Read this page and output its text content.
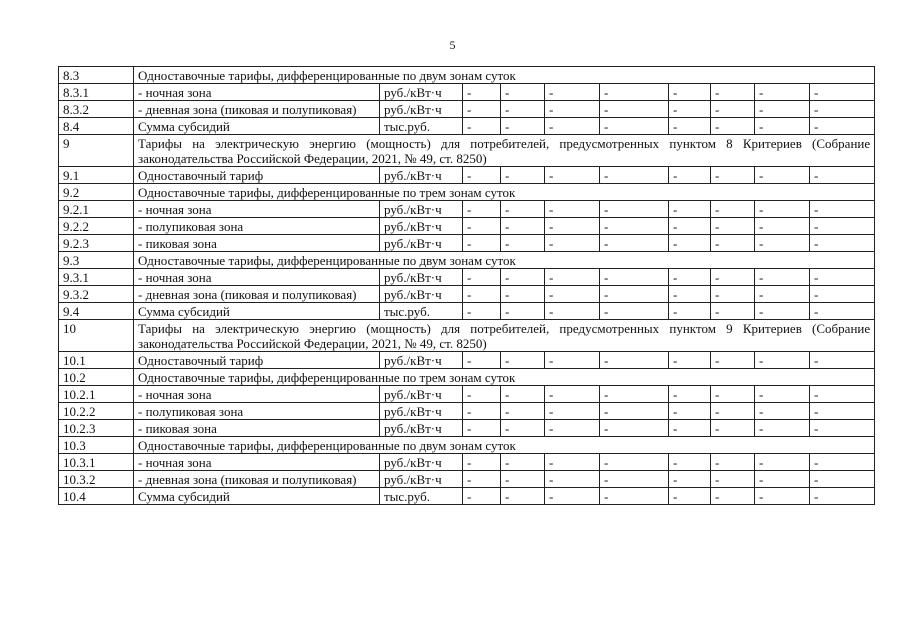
5
8.3	Одноставочные тарифы, дифференцированные по двум зонам суток									
8.3.1	- ночная зона	руб./кВт·ч	-	-	-	-	-	-	-	-
8.3.2	- дневная зона (пиковая и полупиковая)	руб./кВт·ч	-	-	-	-	-	-	-	-
8.4	Сумма субсидий	тыс.руб.	-	-	-	-	-	-	-	-
9	Тарифы на электрическую энергию (мощность) для потребителей, предусмотренных пунктом 8 Критериев (Собрание законодательства Российской Федерации, 2021, № 49, ст. 8250)									
9.1	Одноставочный тариф	руб./кВт·ч	-	-	-	-	-	-	-	-
9.2	Одноставочные тарифы, дифференцированные по трем зонам суток									
9.2.1	- ночная зона	руб./кВт·ч	-	-	-	-	-	-	-	-
9.2.2	- полупиковая зона	руб./кВт·ч	-	-	-	-	-	-	-	-
9.2.3	- пиковая зона	руб./кВт·ч	-	-	-	-	-	-	-	-
9.3	Одноставочные тарифы, дифференцированные по двум зонам суток									
9.3.1	- ночная зона	руб./кВт·ч	-	-	-	-	-	-	-	-
9.3.2	- дневная зона (пиковая и полупиковая)	руб./кВт·ч	-	-	-	-	-	-	-	-
9.4	Сумма субсидий	тыс.руб.	-	-	-	-	-	-	-	-
10	Тарифы на электрическую энергию (мощность) для потребителей, предусмотренных пунктом 9 Критериев (Собрание законодательства Российской Федерации, 2021, № 49, ст. 8250)									
10.1	Одноставочный тариф	руб./кВт·ч	-	-	-	-	-	-	-	-
10.2	Одноставочные тарифы, дифференцированные по трем зонам суток									
10.2.1	- ночная зона	руб./кВт·ч	-	-	-	-	-	-	-	-
10.2.2	- полупиковая зона	руб./кВт·ч	-	-	-	-	-	-	-	-
10.2.3	- пиковая зона	руб./кВт·ч	-	-	-	-	-	-	-	-
10.3	Одноставочные тарифы, дифференцированные по двум зонам суток									
10.3.1	- ночная зона	руб./кВт·ч	-	-	-	-	-	-	-	-
10.3.2	- дневная зона (пиковая и полупиковая)	руб./кВт·ч	-	-	-	-	-	-	-	-
10.4	Сумма субсидий	тыс.руб.	-	-	-	-	-	-	-	-
